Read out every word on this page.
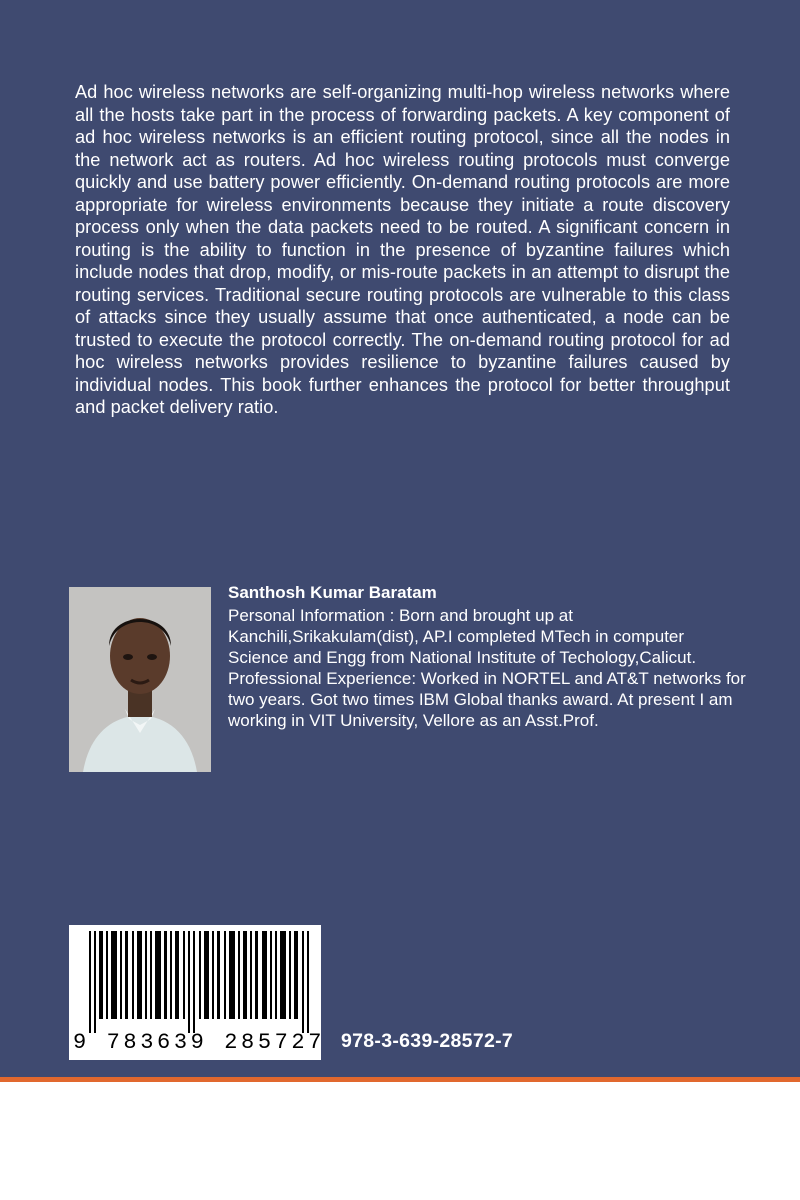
Ad hoc wireless networks are self-organizing multi-hop wireless networks where all the hosts take part in the process of forwarding packets. A key component of ad hoc wireless networks is an efficient routing protocol, since all the nodes in the network act as routers. Ad hoc wireless routing protocols must converge quickly and use battery power efficiently. On-demand routing protocols are more appropriate for wireless environments because they initiate a route discovery process only when the data packets need to be routed. A significant concern in routing is the ability to function in the presence of byzantine failures which include nodes that drop, modify, or mis-route packets in an attempt to disrupt the routing services. Traditional secure routing protocols are vulnerable to this class of attacks since they usually assume that once authenticated, a node can be trusted to execute the protocol correctly. The on-demand routing protocol for ad hoc wireless networks provides resilience to byzantine failures caused by individual nodes. This book further enhances the protocol for better throughput and packet delivery ratio.

Santhosh Kumar Baratam

Personal Information : Born and brought up at Kanchili,Srikakulam(dist), AP.I completed MTech in computer Science and Engg from National Institute of Techology,Calicut. Professional Experience: Worked in NORTEL and AT&T networks for two years. Got two times IBM Global thanks award. At present I am working in VIT University, Vellore as an Asst.Prof.

9 783639 285727 978-3-639-28572-7
